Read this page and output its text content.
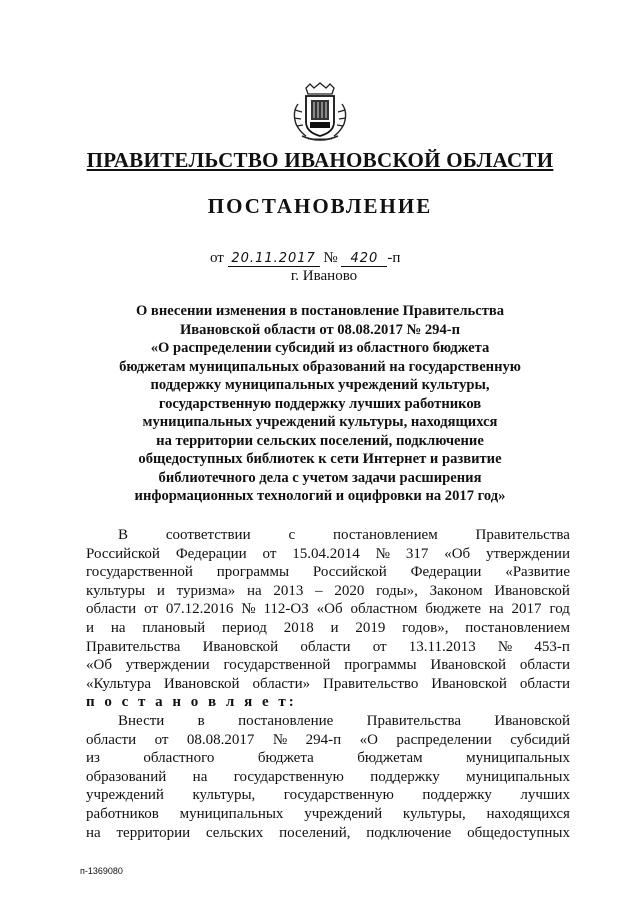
ПРАВИТЕЛЬСТВО ИВАНОВСКОЙ ОБЛАСТИ
ПОСТАНОВЛЕНИЕ
от 20.11.2017 № 420 -п
г. Иваново
О внесении изменения в постановление Правительства
Ивановской области от 08.08.2017 № 294-п
«О распределении субсидий из областного бюджета
бюджетам муниципальных образований на государственную
поддержку муниципальных учреждений культуры,
государственную поддержку лучших работников
муниципальных учреждений культуры, находящихся
на территории сельских поселений, подключение
общедоступных библиотек к сети Интернет и развитие
библиотечного дела с учетом задачи расширения
информационных технологий и оцифровки на 2017 год»
В	соответствии	с	постановлением	Правительства
Российской Федерации от 15.04.2014 № 317 «Об утверждении
государственной программы Российской Федерации «Развитие
культуры и туризма» на 2013 – 2020 годы», Законом Ивановской
области от 07.12.2016 № 112-ОЗ «Об областном бюджете на 2017 год
и на плановый период 2018 и 2019 годов», постановлением
Правительства Ивановской области от 13.11.2013 № 453-п
«Об утверждении государственной программы Ивановской области
«Культура Ивановской области» Правительство Ивановской области
п о с т а н о в л я е т:
Внести в постановление Правительства Ивановской
области от 08.08.2017 № 294-п «О распределении субсидий
из	областного	бюджета	бюджетам	муниципальных
образований на государственную поддержку муниципальных
учреждений культуры, государственную поддержку лучших
работников муниципальных учреждений культуры, находящихся
на территории сельских поселений, подключение общедоступных
п-1369080
